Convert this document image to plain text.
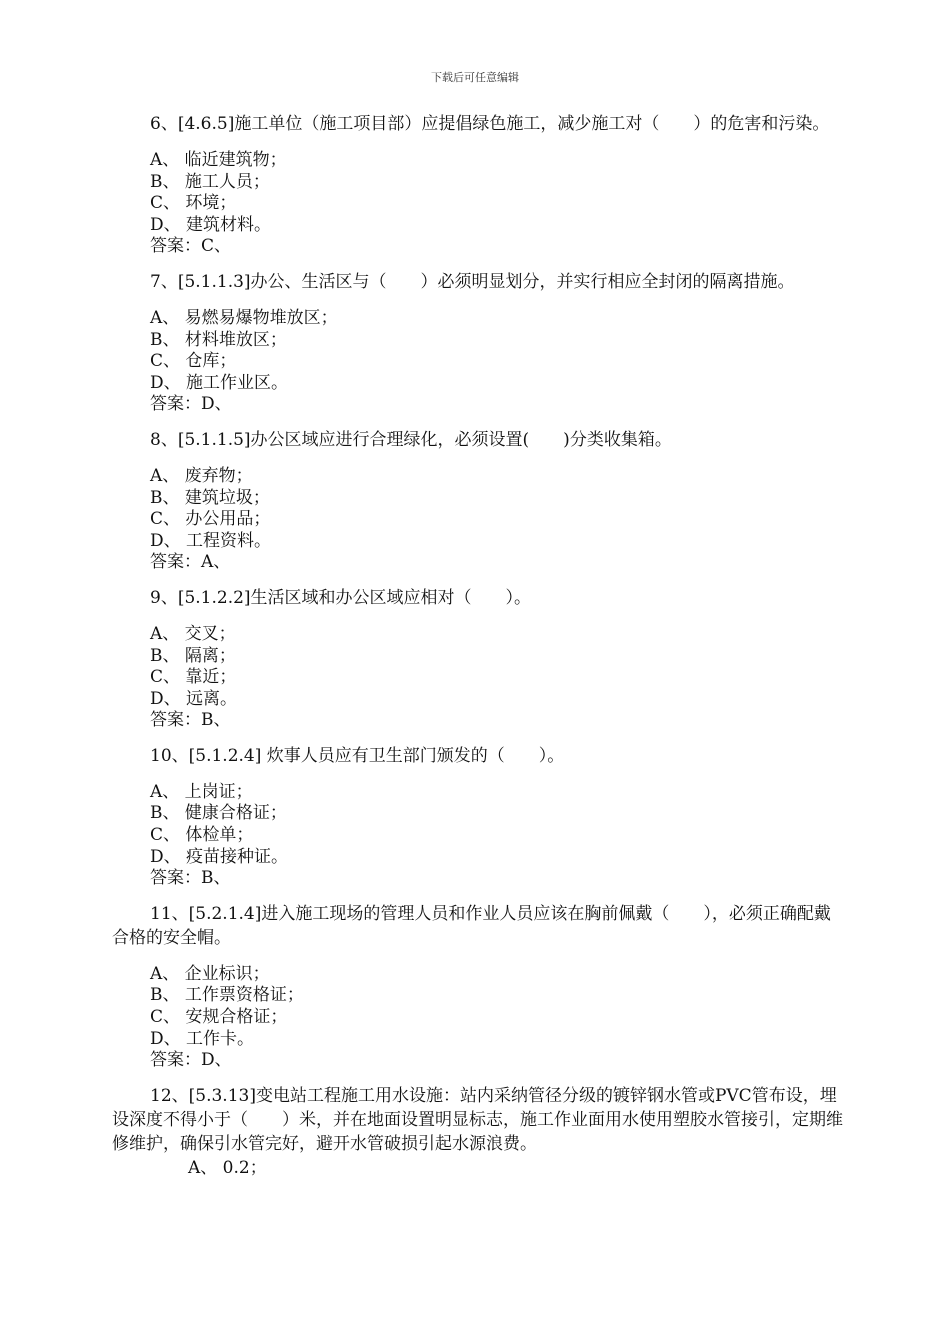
下载后可任意编辑

6、[4.6.5]施工单位（施工项目部）应提倡绿色施工，减少施工对（　　）的危害和污染。

A、 临近建筑物；

B、 施工人员；

C、 环境；

D、 建筑材料。

答案：C、

7、[5.1.1.3]办公、生活区与（　　）必须明显划分，并实行相应全封闭的隔离措施。

A、 易燃易爆物堆放区；

B、 材料堆放区；

C、 仓库；

D、 施工作业区。

答案：D、

8、[5.1.1.5]办公区域应进行合理绿化，必须设置(　　)分类收集箱。

A、 废弃物；

B、 建筑垃圾；

C、 办公用品；

D、 工程资料。

答案：A、

9、[5.1.2.2]生活区域和办公区域应相对（　　）。

A、 交叉；

B、 隔离；

C、 靠近；

D、 远离。

答案：B、

10、[5.1.2.4] 炊事人员应有卫生部门颁发的（　　）。

A、 上岗证；

B、 健康合格证；

C、 体检单；

D、 疫苗接种证。

答案：B、

11、[5.2.1.4]进入施工现场的管理人员和作业人员应该在胸前佩戴（　　），必须正确配戴合格的安全帽。

A、 企业标识；

B、 工作票资格证；

C、 安规合格证；

D、 工作卡。

答案：D、

12、[5.3.13]变电站工程施工用水设施：站内采纳管径分级的镀锌钢水管或PVC管布设，埋设深度不得小于（　　）米，并在地面设置明显标志，施工作业面用水使用塑胶水管接引，定期维修维护，确保引水管完好，避开水管破损引起水源浪费。

A、 0.2；
